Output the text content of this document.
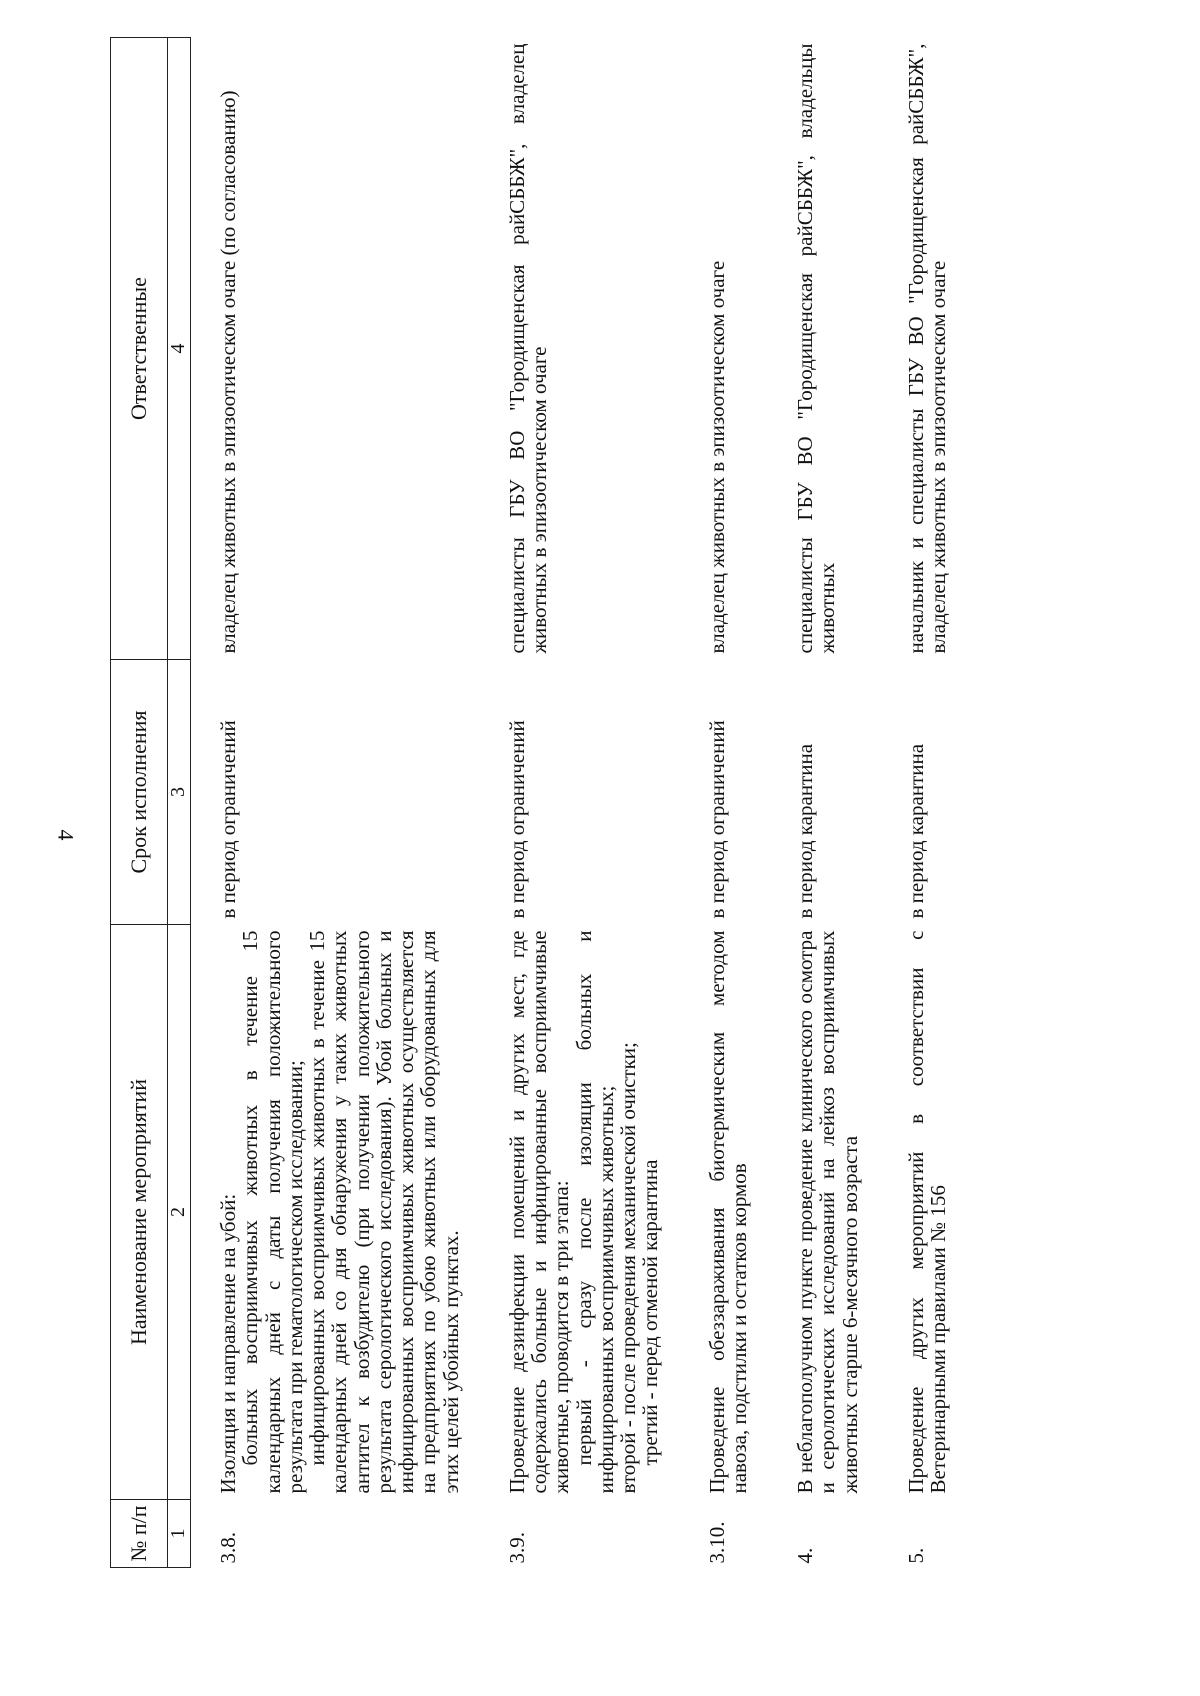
4
№ п/п	Наименование мероприятий	Срок исполнения	Ответственные
1	2	3	4
3.8.	Изоляция и направление на убой:
больных восприимчивых животных в течение 15 календарных дней с даты получения положительного результата при гематологическом исследовании;
инфицированных восприимчивых животных в течение 15 календарных дней со дня обнаружения у таких животных антител к возбудителю (при получении положительного результата серологического исследования). Убой больных и инфицированных восприимчивых животных осуществляется на предприятиях по убою животных или оборудованных для этих целей убойных пунктах.	в период ограничений	владелец животных в эпизоотическом очаге (по согласованию)
3.9.	Проведение дезинфекции помещений и других мест, где содержались больные и инфицированные восприимчивые животные, проводится в три этапа:
первый - сразу после изоляции больных и инфицированных восприимчивых животных;
второй - после проведения механической очистки;
третий - перед отменой карантина	в период ограничений	специалисты ГБУ ВО "Городищенская райСББЖ", владелец животных в эпизоотическом очаге
3.10.	Проведение обеззараживания биотермическим методом навоза, подстилки и остатков кормов	в период ограничений	владелец животных в эпизоотическом очаге
4.	В неблагополучном пункте проведение клинического осмотра и серологических исследований на лейкоз восприимчивых животных старше 6-месячного возраста	в период карантина	специалисты ГБУ ВО "Городищенская райСББЖ", владельцы животных
5.	Проведение других мероприятий в соответствии с Ветеринарными правилами № 156	в период карантина	начальник и специалисты ГБУ ВО "Городищенская райСББЖ", владелец животных в эпизоотическом очаге
